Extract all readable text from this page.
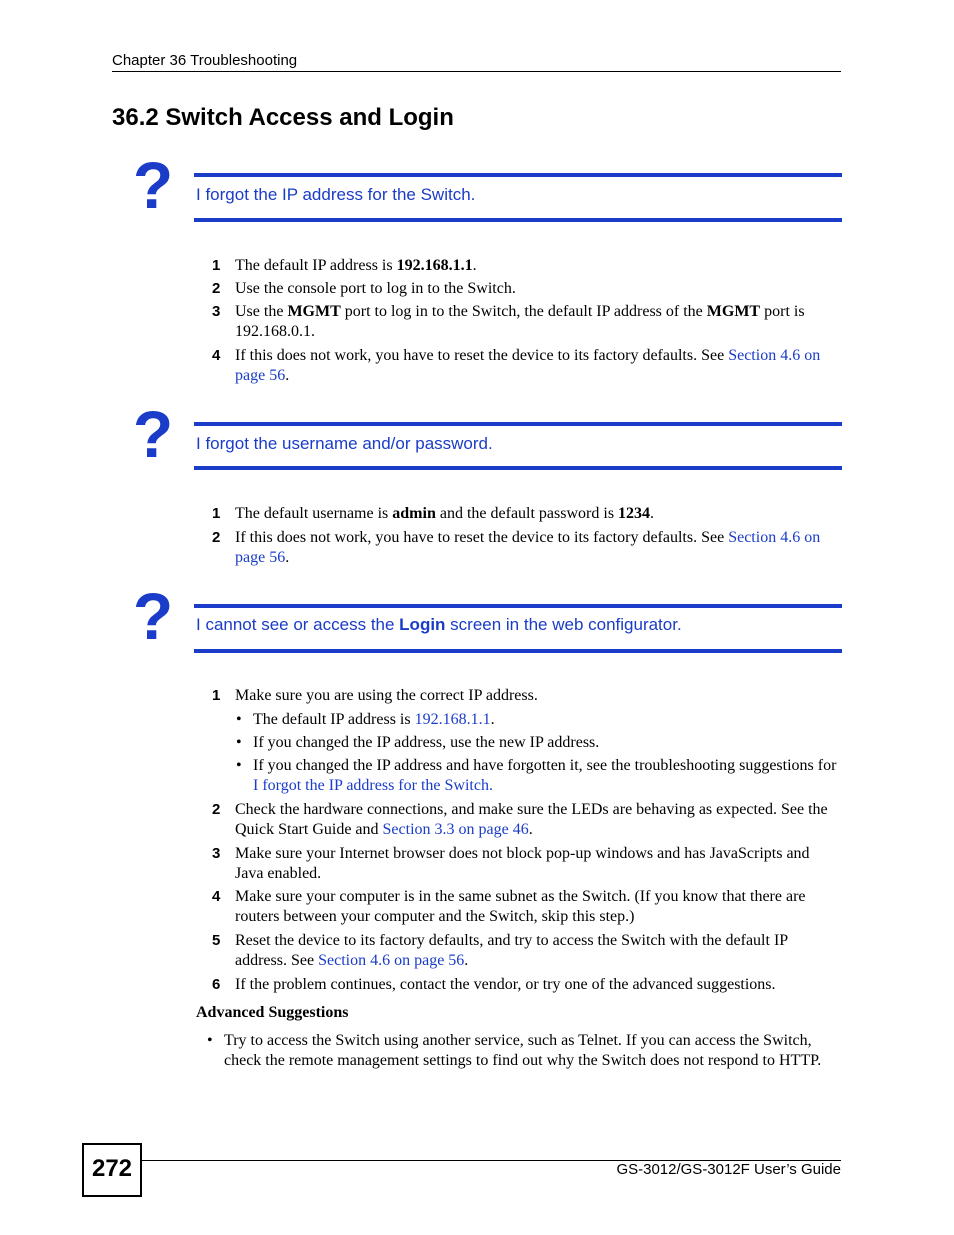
Chapter 36 Troubleshooting
36.2 Switch Access and Login
? I forgot the IP address for the Switch.
1 The default IP address is 192.168.1.1.
2 Use the console port to log in to the Switch.
3 Use the MGMT port to log in to the Switch, the default IP address of the MGMT port is 192.168.0.1.
4 If this does not work, you have to reset the device to its factory defaults. See Section 4.6 on page 56.
? I forgot the username and/or password.
1 The default username is admin and the default password is 1234.
2 If this does not work, you have to reset the device to its factory defaults. See Section 4.6 on page 56.
? I cannot see or access the Login screen in the web configurator.
1 Make sure you are using the correct IP address.
• The default IP address is 192.168.1.1.
• If you changed the IP address, use the new IP address.
• If you changed the IP address and have forgotten it, see the troubleshooting suggestions for I forgot the IP address for the Switch.
2 Check the hardware connections, and make sure the LEDs are behaving as expected. See the Quick Start Guide and Section 3.3 on page 46.
3 Make sure your Internet browser does not block pop-up windows and has JavaScripts and Java enabled.
4 Make sure your computer is in the same subnet as the Switch. (If you know that there are routers between your computer and the Switch, skip this step.)
5 Reset the device to its factory defaults, and try to access the Switch with the default IP address. See Section 4.6 on page 56.
6 If the problem continues, contact the vendor, or try one of the advanced suggestions.
Advanced Suggestions
• Try to access the Switch using another service, such as Telnet. If you can access the Switch, check the remote management settings to find out why the Switch does not respond to HTTP.
272	GS-3012/GS-3012F User’s Guide
